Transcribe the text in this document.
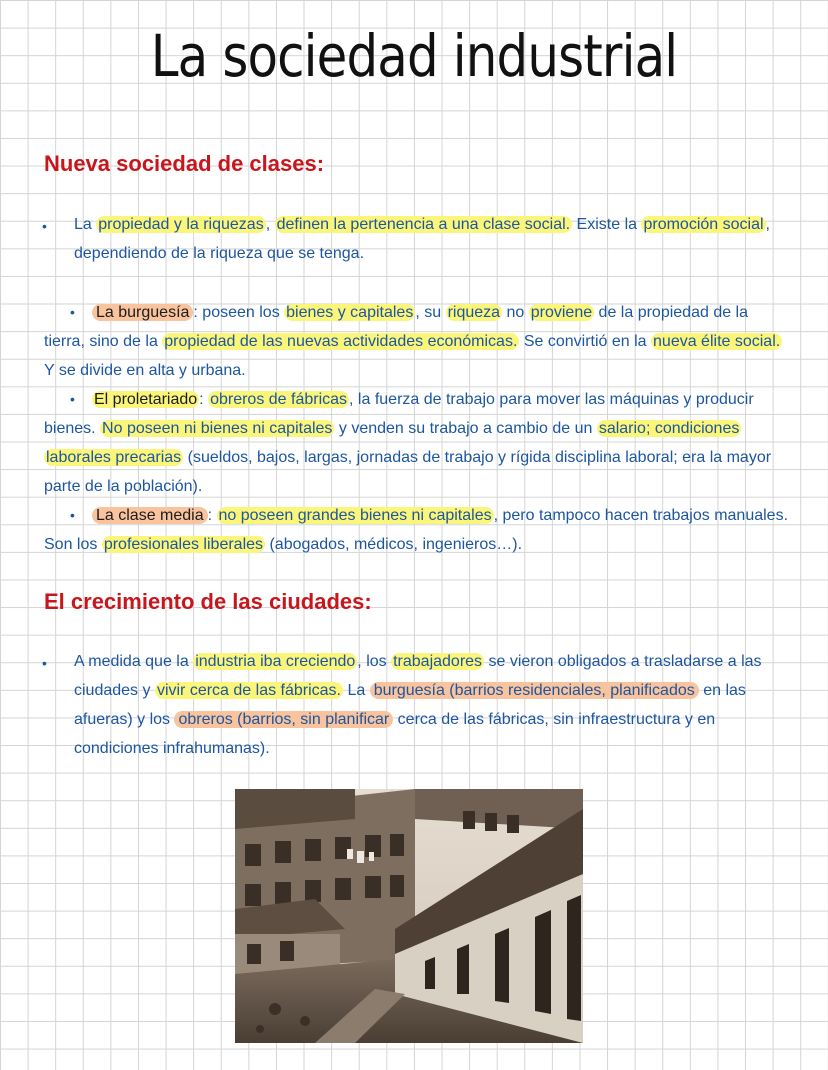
La sociedad industrial
Nueva sociedad de clases:
• La propiedad y la riquezas , definen la pertenencia a una clase social. Existe la promoción social , dependiendo de la riqueza que se tenga.
• La burguesía : poseen los bienes y capitales , su riqueza no proviene de la propiedad de la tierra, sino de la propiedad de las nuevas actividades económicas. Se convirtió en la nueva élite social. Y se divide en alta y urbana.
• El proletariado : obreros de fábricas , la fuerza de trabajo para mover las máquinas y producir bienes. No poseen ni bienes ni capitales y venden su trabajo a cambio de un salario; condiciones laborales precarias (sueldos, bajos, largas, jornadas de trabajo y rígida disciplina laboral; era la mayor parte de la población).
• La clase media : no poseen grandes bienes ni capitales , pero tampoco hacen trabajos manuales. Son los profesionales liberales (abogados, médicos, ingenieros…).
El crecimiento de las ciudades:
• A medida que la industria iba creciendo , los trabajadores se vieron obligados a trasladarse a las ciudades y vivir cerca de las fábricas. La burguesía (barrios residenciales, planificados en las afueras) y los obreros (barrios, sin planificar cerca de las fábricas, sin infraestructura y en condiciones infrahumanas).
